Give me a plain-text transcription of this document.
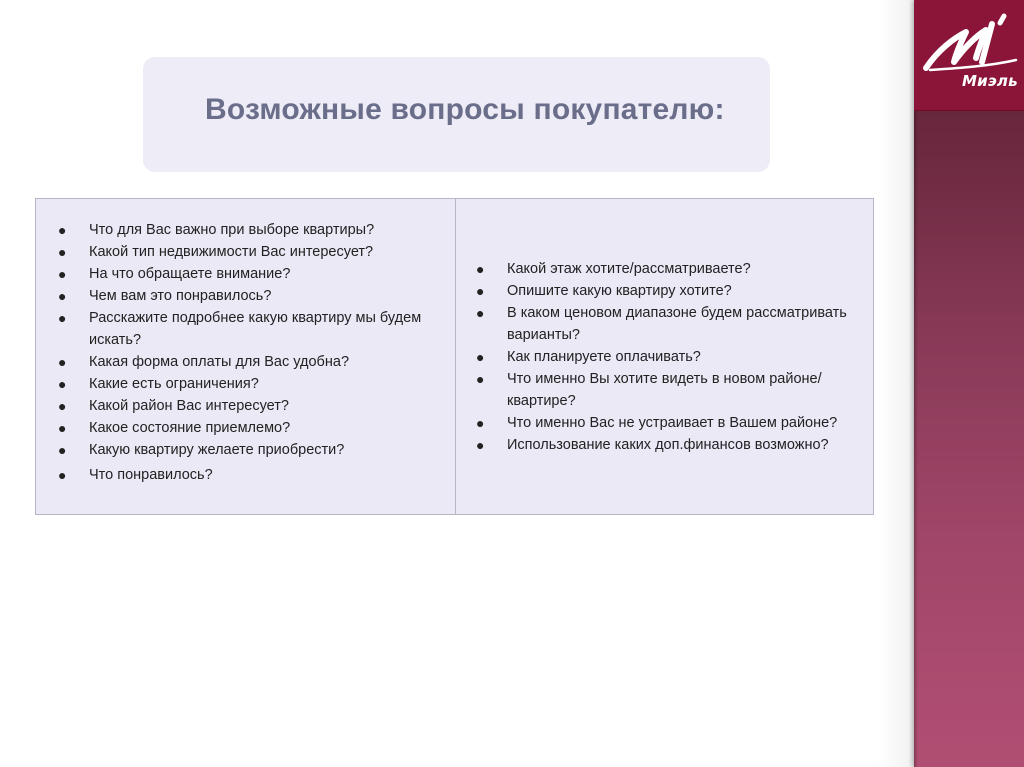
Миэль
Возможные вопросы покупателю:
● Что для Вас важно при выборе квартиры?
● Какой тип недвижимости Вас интересует?
● На что обращаете внимание?
● Чем вам это понравилось?
● Расскажите подробнее какую квартиру мы будем искать?
● Какая форма оплаты для Вас удобна?
● Какие есть ограничения?
● Какой район Вас интересует?
● Какое состояние приемлемо?
● Какую квартиру желаете приобрести?
● Что понравилось?
● Какой этаж хотите/рассматриваете?
● Опишите какую квартиру хотите?
● В каком ценовом диапазоне будем рассматривать варианты?
● Как планируете оплачивать?
● Что именно Вы хотите видеть в новом районе/квартире?
● Что именно Вас не устраивает в Вашем районе?
● Использование каких доп.финансов возможно?
